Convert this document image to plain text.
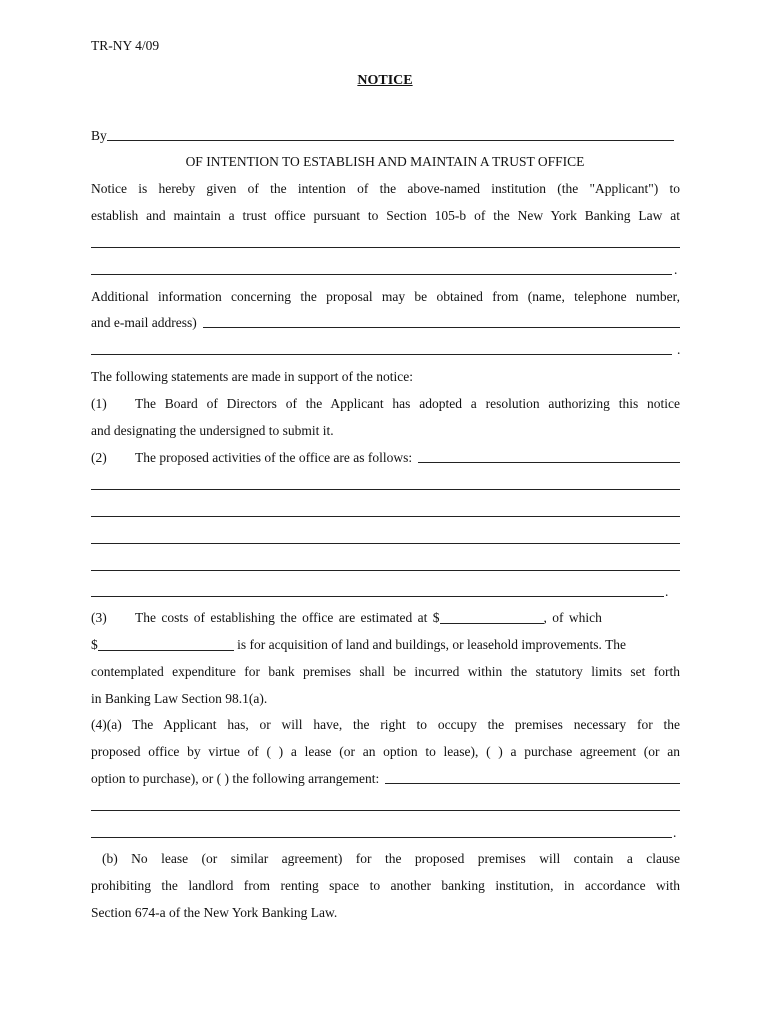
TR-NY 4/09
NOTICE
By
OF INTENTION TO ESTABLISH AND MAINTAIN A TRUST OFFICE
Notice is hereby given of the intention of the above-named institution (the "Applicant") to
establish and maintain a trust office pursuant to Section 105-b of the New York Banking Law at
.
Additional information concerning the proposal may be obtained from (name, telephone number,
and e-mail address)
.
The following statements are made in support of the notice:
(1) The Board of Directors of the Applicant has adopted a resolution authorizing this notice
and designating the undersigned to submit it.
(2)	The proposed activities of the office are as follows:
.
(3) The costs of establishing the office are estimated at $	, of which
$	is for acquisition of land and buildings, or leasehold improvements. The
contemplated expenditure for bank premises shall be incurred within the statutory limits set forth
in Banking Law Section 98.1(a).
(4)(a) The Applicant has, or will have, the right to occupy the premises necessary for the
proposed office by virtue of ( ) a lease (or an option to lease), ( ) a purchase agreement (or an
option to purchase), or ( ) the following arrangement:
.
(b) No lease (or similar agreement) for the proposed premises will contain a clause
prohibiting the landlord from renting space to another banking institution, in accordance with
Section 674-a of the New York Banking Law.
